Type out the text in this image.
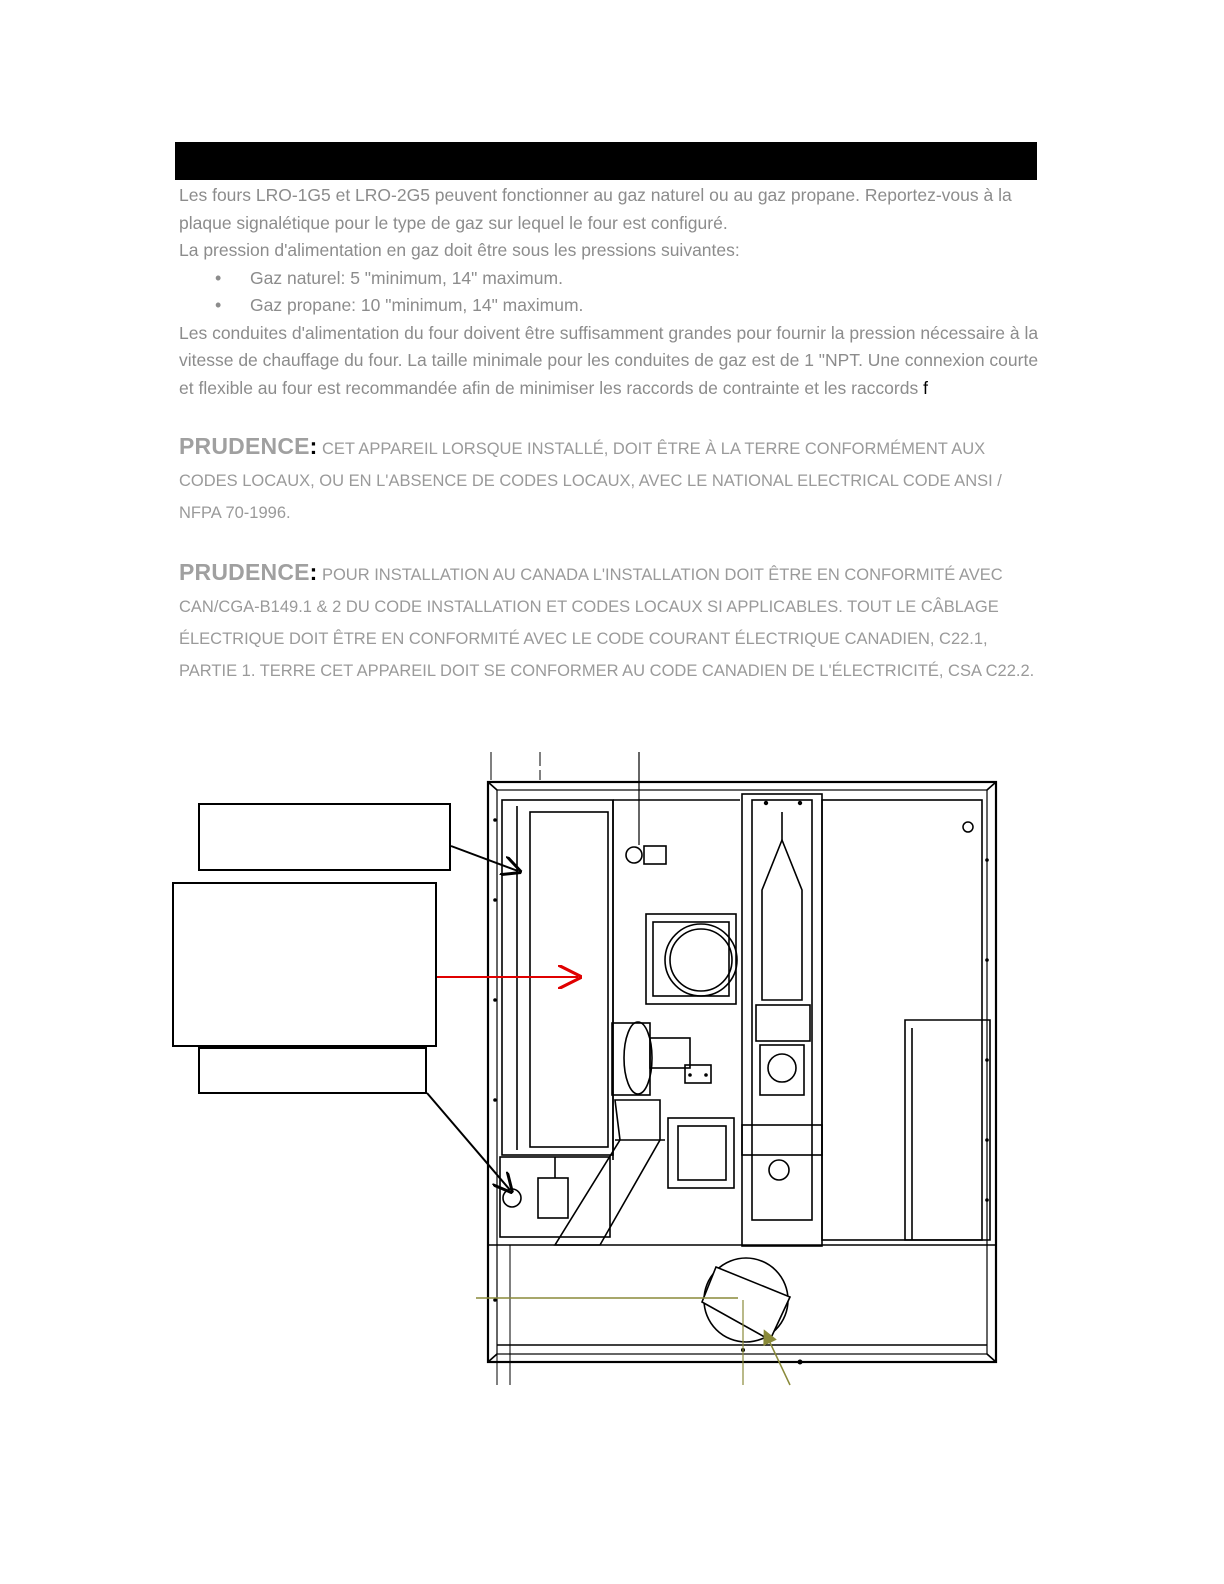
Les fours LRO-1G5 et LRO-2G5 peuvent fonctionner au gaz naturel ou au gaz propane. Reportez-vous à la plaque signalétique pour le type de gaz sur lequel le four est configuré.

La pression d'alimentation en gaz doit être sous les pressions suivantes:

• Gaz naturel: 5 "minimum, 14" maximum.
• Gaz propane: 10 "minimum, 14" maximum.

Les conduites d'alimentation du four doivent être suffisamment grandes pour fournir la pression nécessaire à la vitesse de chauffage du four. La taille minimale pour les conduites de gaz est de 1 "NPT. Une connexion courte et flexible au four est recommandée afin de minimiser les raccords de contrainte et les raccords f

PRUDENCE: CET APPAREIL LORSQUE INSTALLÉ, DOIT ÊTRE À LA TERRE CONFORMÉMENT AUX CODES LOCAUX, OU EN L'ABSENCE DE CODES LOCAUX, AVEC LE NATIONAL ELECTRICAL CODE ANSI / NFPA 70-1996.
PRUDENCE: POUR INSTALLATION AU CANADA L'INSTALLATION DOIT ÊTRE EN CONFORMITÉ AVEC CAN/CGA-B149.1 & 2 DU CODE INSTALLATION ET CODES LOCAUX SI APPLICABLES. TOUT LE CÂBLAGE ÉLECTRIQUE DOIT ÊTRE EN CONFORMITÉ AVEC LE CODE COURANT ÉLECTRIQUE CANADIEN, C22.1, PARTIE 1. TERRE CET APPAREIL DOIT SE CONFORMER AU CODE CANADIEN DE L'ÉLECTRICITÉ, CSA C22.2.
